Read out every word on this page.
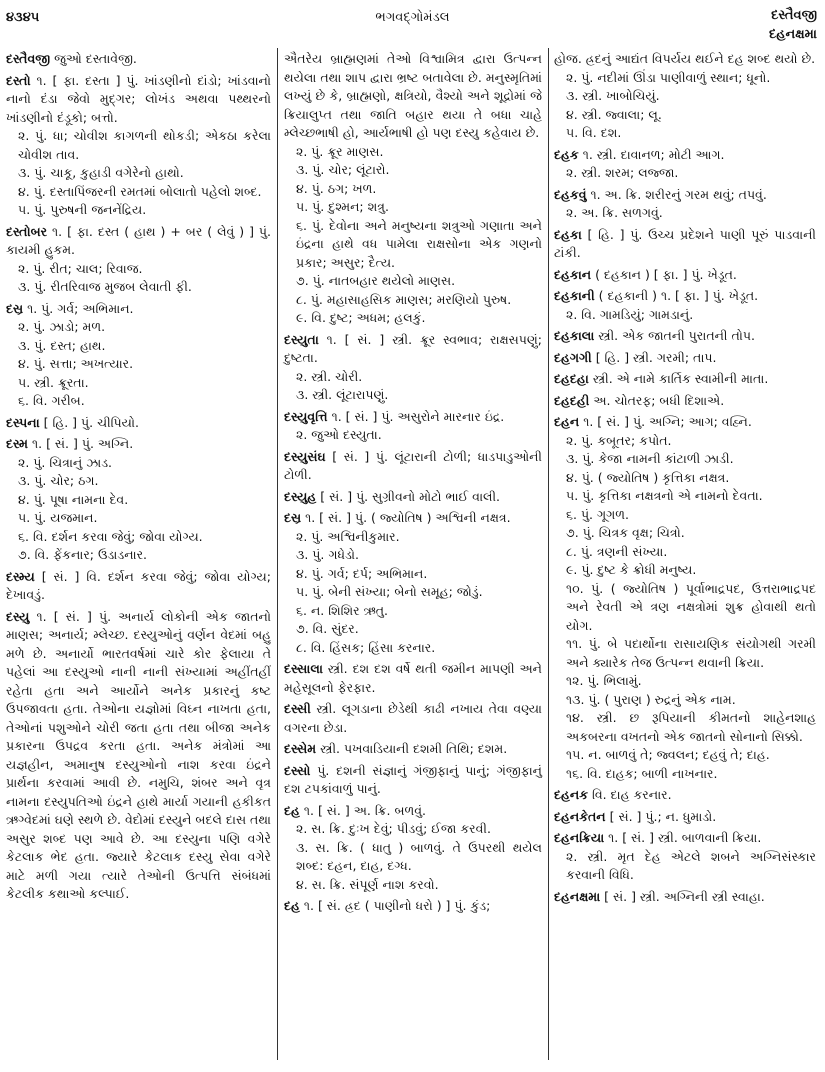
૪૩૪૫	ભગવદ્ગોમંડલ	દસ્તૈવજી
દહનક્ષમા
દસ્તૈવજી જુઓ દસ્તાવેજી.
દસ્તો ૧. [ ફા. દસ્તા ] પું. ખાંડણીનો દાંડો; ખાંડવાનો નાનો દંડા જેવો મુદ્ગર; લોખંડ અથવા પથ્થરનો ખાંડણીનો દંડૂકો; બત્તો.
૨. પું. ધા; ચોવીશ કાગળની થોકડી; એકઠા કરેલા ચોવીશ તાવ.
૩. પું. ચાકૂ, કુહાડી વગેરેનો હાથો.
૪. પું. દસ્તાપિંજરની રમતમાં બોલાતો પહેલો શબ્દ.
૫. પું. પુરુષની જનનેંદ્રિય.
દસ્તોબર ૧. [ ફા. દસ્ત ( હાથ ) + બર ( લેવું ) ] પું. કાયમી હુકમ.
૨. પું. રીત; ચાલ; રિવાજ.
૩. પું. રીતરિવાજ મુજબ લેવાતી ફી.
દસ્ર ૧. પું. ગર્વ; અભિમાન.
૨. પું. ઝાડો; મળ.
૩. પું. દસ્ત; હાથ.
૪. પું. સત્તા; અખત્યાર.
૫. સ્ત્રી. ક્રૂરતા.
૬. વિ. ગરીબ.
દસ્પના [ હિ. ] પું. ચીપિયો.
દસ્મ ૧. [ સં. ] પું. અગ્નિ.
૨. પું. ચિત્રાનું ઝાડ.
૩. પું. ચોર; ઠગ.
૪. પું. પૂષા નામના દેવ.
૫. પું. યજમાન.
૬. વિ. દર્શન કરવા જેવું; જોવા યોગ્ય.
૭. વિ. ફેંકનાર; ઉડાડનાર.
દસ્મ્ય [ સં. ] વિ. દર્શન કરવા જેવું; જોવા યોગ્ય; દેખાવડું.
દસ્યુ ૧. [ સં. ] પું. અનાર્ય લોકોની એક જાતનો માણસ; અનાર્ય; મ્લેચ્છ. દસ્યુઓનું વર્ણન વેદમાં બહુ મળે છે. અનાર્યો ભારતવર્ષમાં ચારે કોર ફેલાયા તે પહેલાં આ દસ્યુઓ નાની નાની સંખ્યામાં અહીંતહીં રહેતા હતા અને આર્યોને અનેક પ્રકારનું કષ્ટ ઉપજાવતા હતા. તેઓના યજ્ઞોમાં વિઘ્ન નાખતા હતા, તેઓનાં પશુઓને ચોરી જતા હતા તથા બીજા અનેક પ્રકારના ઉપદ્રવ કરતા હતા. અનેક મંત્રોમાં આ યજ્ઞહીન, અમાનુષ દસ્યુઓનો નાશ કરવા ઇંદ્રને પ્રાર્થના કરવામાં આવી છે. નમુચિ, શંબર અને વૃત્ર નામના દસ્યુપતિઓ ઇંદ્રને હાથે માર્યા ગયાની હકીકત ઋગ્વેદમાં ઘણે સ્થળે છે. વેદોમાં દસ્યુને બદલે દાસ તથા અસુર શબ્દ પણ આવે છે. આ દસ્યુના પણિ વગેરે કેટલાક ભેદ હતા. જ્યારે કેટલાક દસ્યુ સેવા વગેરે માટે મળી ગયા ત્યારે તેઓની ઉત્પત્તિ સંબંધમાં કેટલીક કથાઓ કલ્પાઈ.
ઐતરેય બ્રાહ્મણમાં તેઓ વિશ્વામિત્ર દ્વારા ઉત્પન્ન થયેલા તથા શાપ દ્વારા ભ્રષ્ટ બતાવેલા છે. મનુસ્મૃતિમાં લખ્યું છે કે, બ્રાહ્મણો, ક્ષત્રિયો, વૈશ્યો અને શૂદ્રોમાં જે ક્રિયાલુપ્ત તથા જાતિ બહાર થયા તે બધા ચાહે મ્લેચ્છભાષી હો, આર્યભાષી હો પણ દસ્યુ કહેવાય છે.
૨. પું. ક્રૂર માણસ.
૩. પું. ચોર; લૂંટારો.
૪. પું. ઠગ; ખળ.
૫. પું. દુશ્મન; શત્રુ.
૬. પું. દેવોના અને મનુષ્યના શત્રુઓ ગણાતા અને ઇંદ્રના હાથે વધ પામેલા રાક્ષસોના એક ગણનો પ્રકાર; અસુર; દૈત્ય.
૭. પું. નાતબહાર થયેલો માણસ.
૮. પું. મહાસાહસિક માણસ; મરણિયો પુરુષ.
૯. વિ. દુષ્ટ; અધમ; હલકું.
દસ્યુતા ૧. [ સં. ] સ્ત્રી. ક્રૂર સ્વભાવ; રાક્ષસપણું; દુષ્ટતા.
૨. સ્ત્રી. ચોરી.
૩. સ્ત્રી. લૂંટારાપણું.
દસ્યુવૃત્તિ ૧. [ સં. ] પું. અસુરોને મારનાર ઇંદ્ર.
૨. જુઓ દસ્યુતા.
દસ્યુસંઘ [ સં. ] પું. લૂંટારાની ટોળી; ધાડપાડુઓની ટોળી.
દસ્યુહ [ સં. ] પું. સુગ્રીવનો મોટો ભાઈ વાલી.
દસ્ર ૧. [ સં. ] પું. ( જ્યોતિષ ) અશ્વિની નક્ષત્ર.
૨. પું. અશ્વિનીકુમાર.
૩. પું. ગધેડો.
૪. પું. ગર્વ; દર્પ; અભિમાન.
૫. પું. બેની સંખ્યા; બેનો સમૂહ; જોડું.
૬. ન. શિશિર ઋતુ.
૭. વિ. સુંદર.
૮. વિ. હિંસક; હિંસા કરનાર.
દસ્સાલા સ્ત્રી. દશ દશ વર્ષે થતી જમીન માપણી અને મહેસૂલનો ફેરફાર.
દસ્સી સ્ત્રી. લૂગડાના છેડેથી કાઢી નખાય તેવા વણ્યા વગરના છેડા.
દસ્સેમ સ્ત્રી. પખવાડિયાની દશમી તિથિ; દશમ.
દસ્સો પું. દશની સંજ્ઞાનું ગંજીફાનું પાનું; ગંજીફાનું દશ ટપકાંવાળું પાનું.
દહ ૧. [ સં. ] અ. ક્રિ. બળવું.
૨. સ. ક્રિ. દુઃખ દેવું; પીડવું; ઈજા કરવી.
૩. સ. ક્રિ. ( ધાતુ ) બાળવું. તે ઉપરથી થયેલ શબ્દ: દહન, દાહ, દગ્ધ.
૪. સ. ક્રિ. સંપૂર્ણ નાશ કરવો.
દહ ૧. [ સં. હ્રદ ( પાણીનો ધરો ) ] પું. કુંડ;
હોજ. હ્રદનું આદ્યંત વિપર્યય થઈને દહ શબ્દ થયો છે.
૨. પું. નદીમાં ઊંડા પાણીવાળું સ્થાન; ધૂનો.
૩. સ્ત્રી. ખાબોચિયું.
૪. સ્ત્રી. જ્વાલા; લૂ.
૫. વિ. દશ.
દહક ૧. સ્ત્રી. દાવાનળ; મોટી આગ.
૨. સ્ત્રી. શરમ; લજ્જા.
દહકવું ૧. અ. ક્રિ. શરીરનું ગરમ થવું; તપવું.
૨. અ. ક્રિ. સળગવું.
દહકા [ હિ. ] પું. ઉચ્ચ પ્રદેશને પાણી પૂરું પાડવાની ટાંકી.
દહકાન ( દહકાન ) [ ફા. ] પું. ખેડૂત.
દહકાની ( દહકાની ) ૧. [ ફા. ] પું. ખેડૂત.
૨. વિ. ગામડિયું; ગામડાનું.
દહકાલા સ્ત્રી. એક જાતની પુરાતની તોપ.
દહગગી [ હિ. ] સ્ત્રી. ગરમી; તાપ.
દહદહા સ્ત્રી. એ નામે કાર્તિક સ્વામીની માતા.
દહદહી અ. ચોતરફ; બધી દિશાએ.
દહન ૧. [ સં. ] પું. અગ્નિ; આગ; વહ્નિ.
૨. પું. કબૂતર; કપોત.
૩. પું. કેજા નામની કાંટાળી ઝાડી.
૪. પું. ( જ્યોતિષ ) કૃત્તિકા નક્ષત્ર.
૫. પું. કૃત્તિકા નક્ષત્રનો એ નામનો દેવતા.
૬. પું. ગૂગળ.
૭. પું. ચિત્રક વૃક્ષ; ચિત્રો.
૮. પું. ત્રણની સંખ્યા.
૯. પું. દુષ્ટ કે ક્રોધી મનુષ્ય.
૧૦. પું. ( જ્યોતિષ ) પૂર્વાભાદ્રપદ, ઉત્તરાભાદ્રપદ અને રેવતી એ ત્રણ નક્ષત્રોમાં શુક્ર હોવાથી થતો યોગ.
૧૧. પું. બે પદાર્થોના રાસાયણિક સંયોગથી ગરમી અને ક્યારેક તેજ ઉત્પન્ન થવાની ક્રિયા.
૧૨. પું. ભિલામું.
૧૩. પું. ( પુરાણ ) રુદ્રનું એક નામ.
૧૪. સ્ત્રી. છ રૂપિયાની કીમતનો શાહેનશાહ અકબરના વખતનો એક જાતનો સોનાનો સિક્કો.
૧૫. ન. બાળવું તે; જ્વલન; દહવું તે; દાહ.
૧૬. વિ. દાહક; બાળી નાખનાર.
દહનક વિ. દાહ કરનાર.
દહનકેતન [ સં. ] પું.; ન. ધુમાડો.
દહનક્રિયા ૧. [ સં. ] સ્ત્રી. બાળવાની ક્રિયા.
૨. સ્ત્રી. મૃત દેહ એટલે શબને અગ્નિસંસ્કાર કરવાની વિધિ.
દહનક્ષમા [ સં. ] સ્ત્રી. અગ્નિની સ્ત્રી સ્વાહા.
